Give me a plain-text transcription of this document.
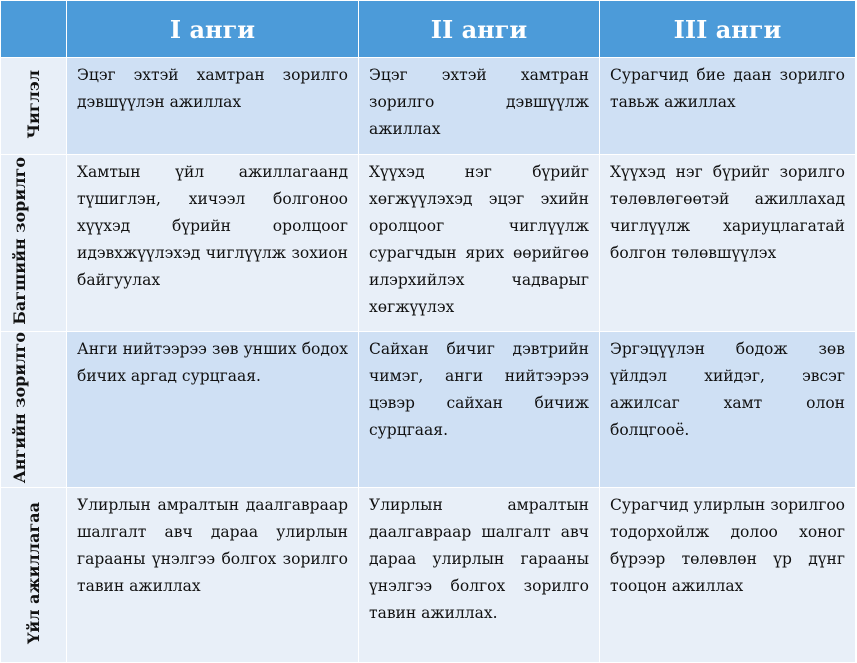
	I анги	II анги	III анги
Чиглэл	Эцэг эхтэй хамтран зорилго дэвшүүлэн ажиллах	Эцэг эхтэй хамтран зорилго дэвшүүлж ажиллах	Сурагчид бие даан зорилго тавьж ажиллах
Багшийн зорилго	Хамтын үйл ажиллагаанд түшиглэн, хичээл болгоноо хүүхэд бүрийн оролцоог идэвхжүүлэхэд чиглүүлж зохион байгуулах	Хүүхэд нэг бүрийг хөгжүүлэхэд эцэг эхийн оролцоог чиглүүлж сурагчдын ярих өөрийгөө илэрхийлэх чадварыг хөгжүүлэх	Хүүхэд нэг бүрийг зорилго төлөвлөгөөтэй ажиллахад чиглүүлж хариуцлагатай болгон төлөвшүүлэх
Ангийн зорилго	Анги нийтээрээ зөв унших бодох бичих аргад сурцгаая.	Сайхан бичиг дэвтрийн чимэг, анги нийтээрээ цэвэр сайхан бичиж сурцгаая.	Эргэцүүлэн бодож зөв үйлдэл хийдэг, эвсэг ажилсаг хамт олон болцгооё.
Үйл ажиллагаа	Улирлын амралтын даалгавраар шалгалт авч дараа улирлын гарааны үнэлгээ болгох зорилго тавин ажиллах	Улирлын амралтын даалгавраар шалгалт авч дараа улирлын гарааны үнэлгээ болгох зорилго тавин ажиллах.	Сурагчид улирлын зорилгоо тодорхойлж долоо хоног бүрээр төлөвлөн үр дүнг тооцон ажиллах
